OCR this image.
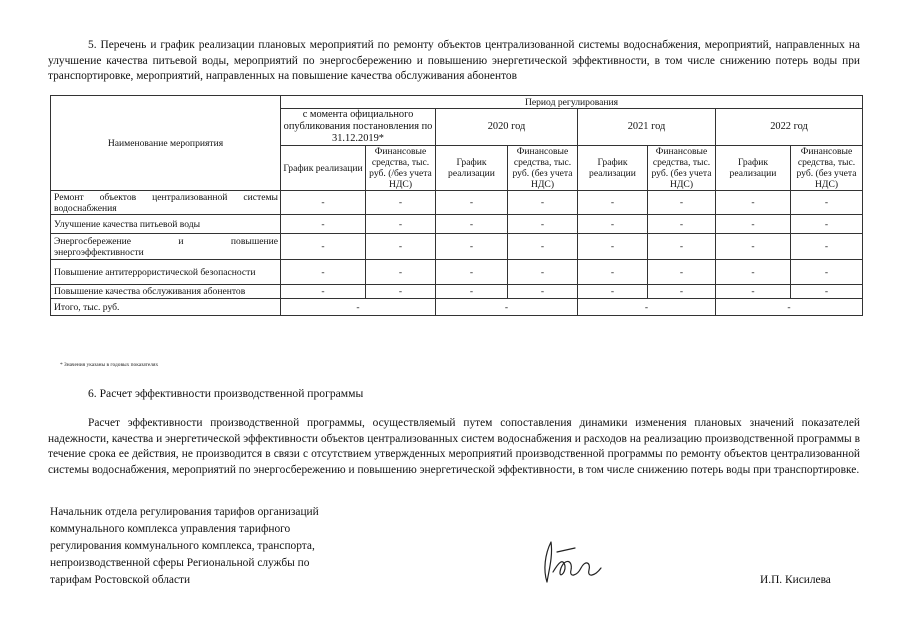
5. Перечень и график реализации плановых мероприятий по ремонту объектов централизованной системы водоснабжения, мероприятий, направленных на улучшение качества питьевой воды, мероприятий по энергосбережению и повышению энергетической эффективности, в том числе снижению потерь воды при транспортировке, мероприятий, направленных на повышение качества обслуживания абонентов
Наименование мероприятия	Период регулирования							
	с момента официального опубликования постановления по 31.12.2019*		2020 год		2021 год		2022 год	
	График реализации	Финансовые средства, тыс. руб. (/без учета НДС)	График реализации	Финансовые средства, тыс. руб. (без учета НДС)	График реализации	Финансовые средства, тыс. руб. (без учета НДС)	График реализации	Финансовые средства, тыс. руб. (без учета НДС)
Ремонт объектов централизованной системы водоснабжения	-	-	-	-	-	-	-	-
Улучшение качества питьевой воды	-	-	-	-	-	-	-	-
Энергосбережение и повышение энергоэффективности	-	-	-	-	-	-	-	-
Повышение антитеррористической безопасности	-	-	-	-	-	-	-	-
Повышение качества обслуживания абонентов	-	-	-	-	-	-	-	-
Итого, тыс. руб.	-		-		-		-	
* Значения указаны в годовых показателях
6. Расчет эффективности производственной программы
Расчет эффективности производственной программы, осуществляемый путем сопоставления динамики изменения плановых значений показателей надежности, качества и энергетической эффективности объектов централизованных систем водоснабжения и расходов на реализацию производственной программы в течение срока ее действия, не производится в связи с отсутствием утвержденных мероприятий производственной программы по ремонту объектов централизованной системы водоснабжения, мероприятий по энергосбережению и повышению энергетической эффективности, в том числе снижению потерь воды при транспортировке.
Начальник отдела регулирования тарифов организаций
коммунального комплекса управления тарифного
регулирования коммунального комплекса, транспорта,
непроизводственной сферы Региональной службы по
тарифам Ростовской области	И.П. Кисилева
